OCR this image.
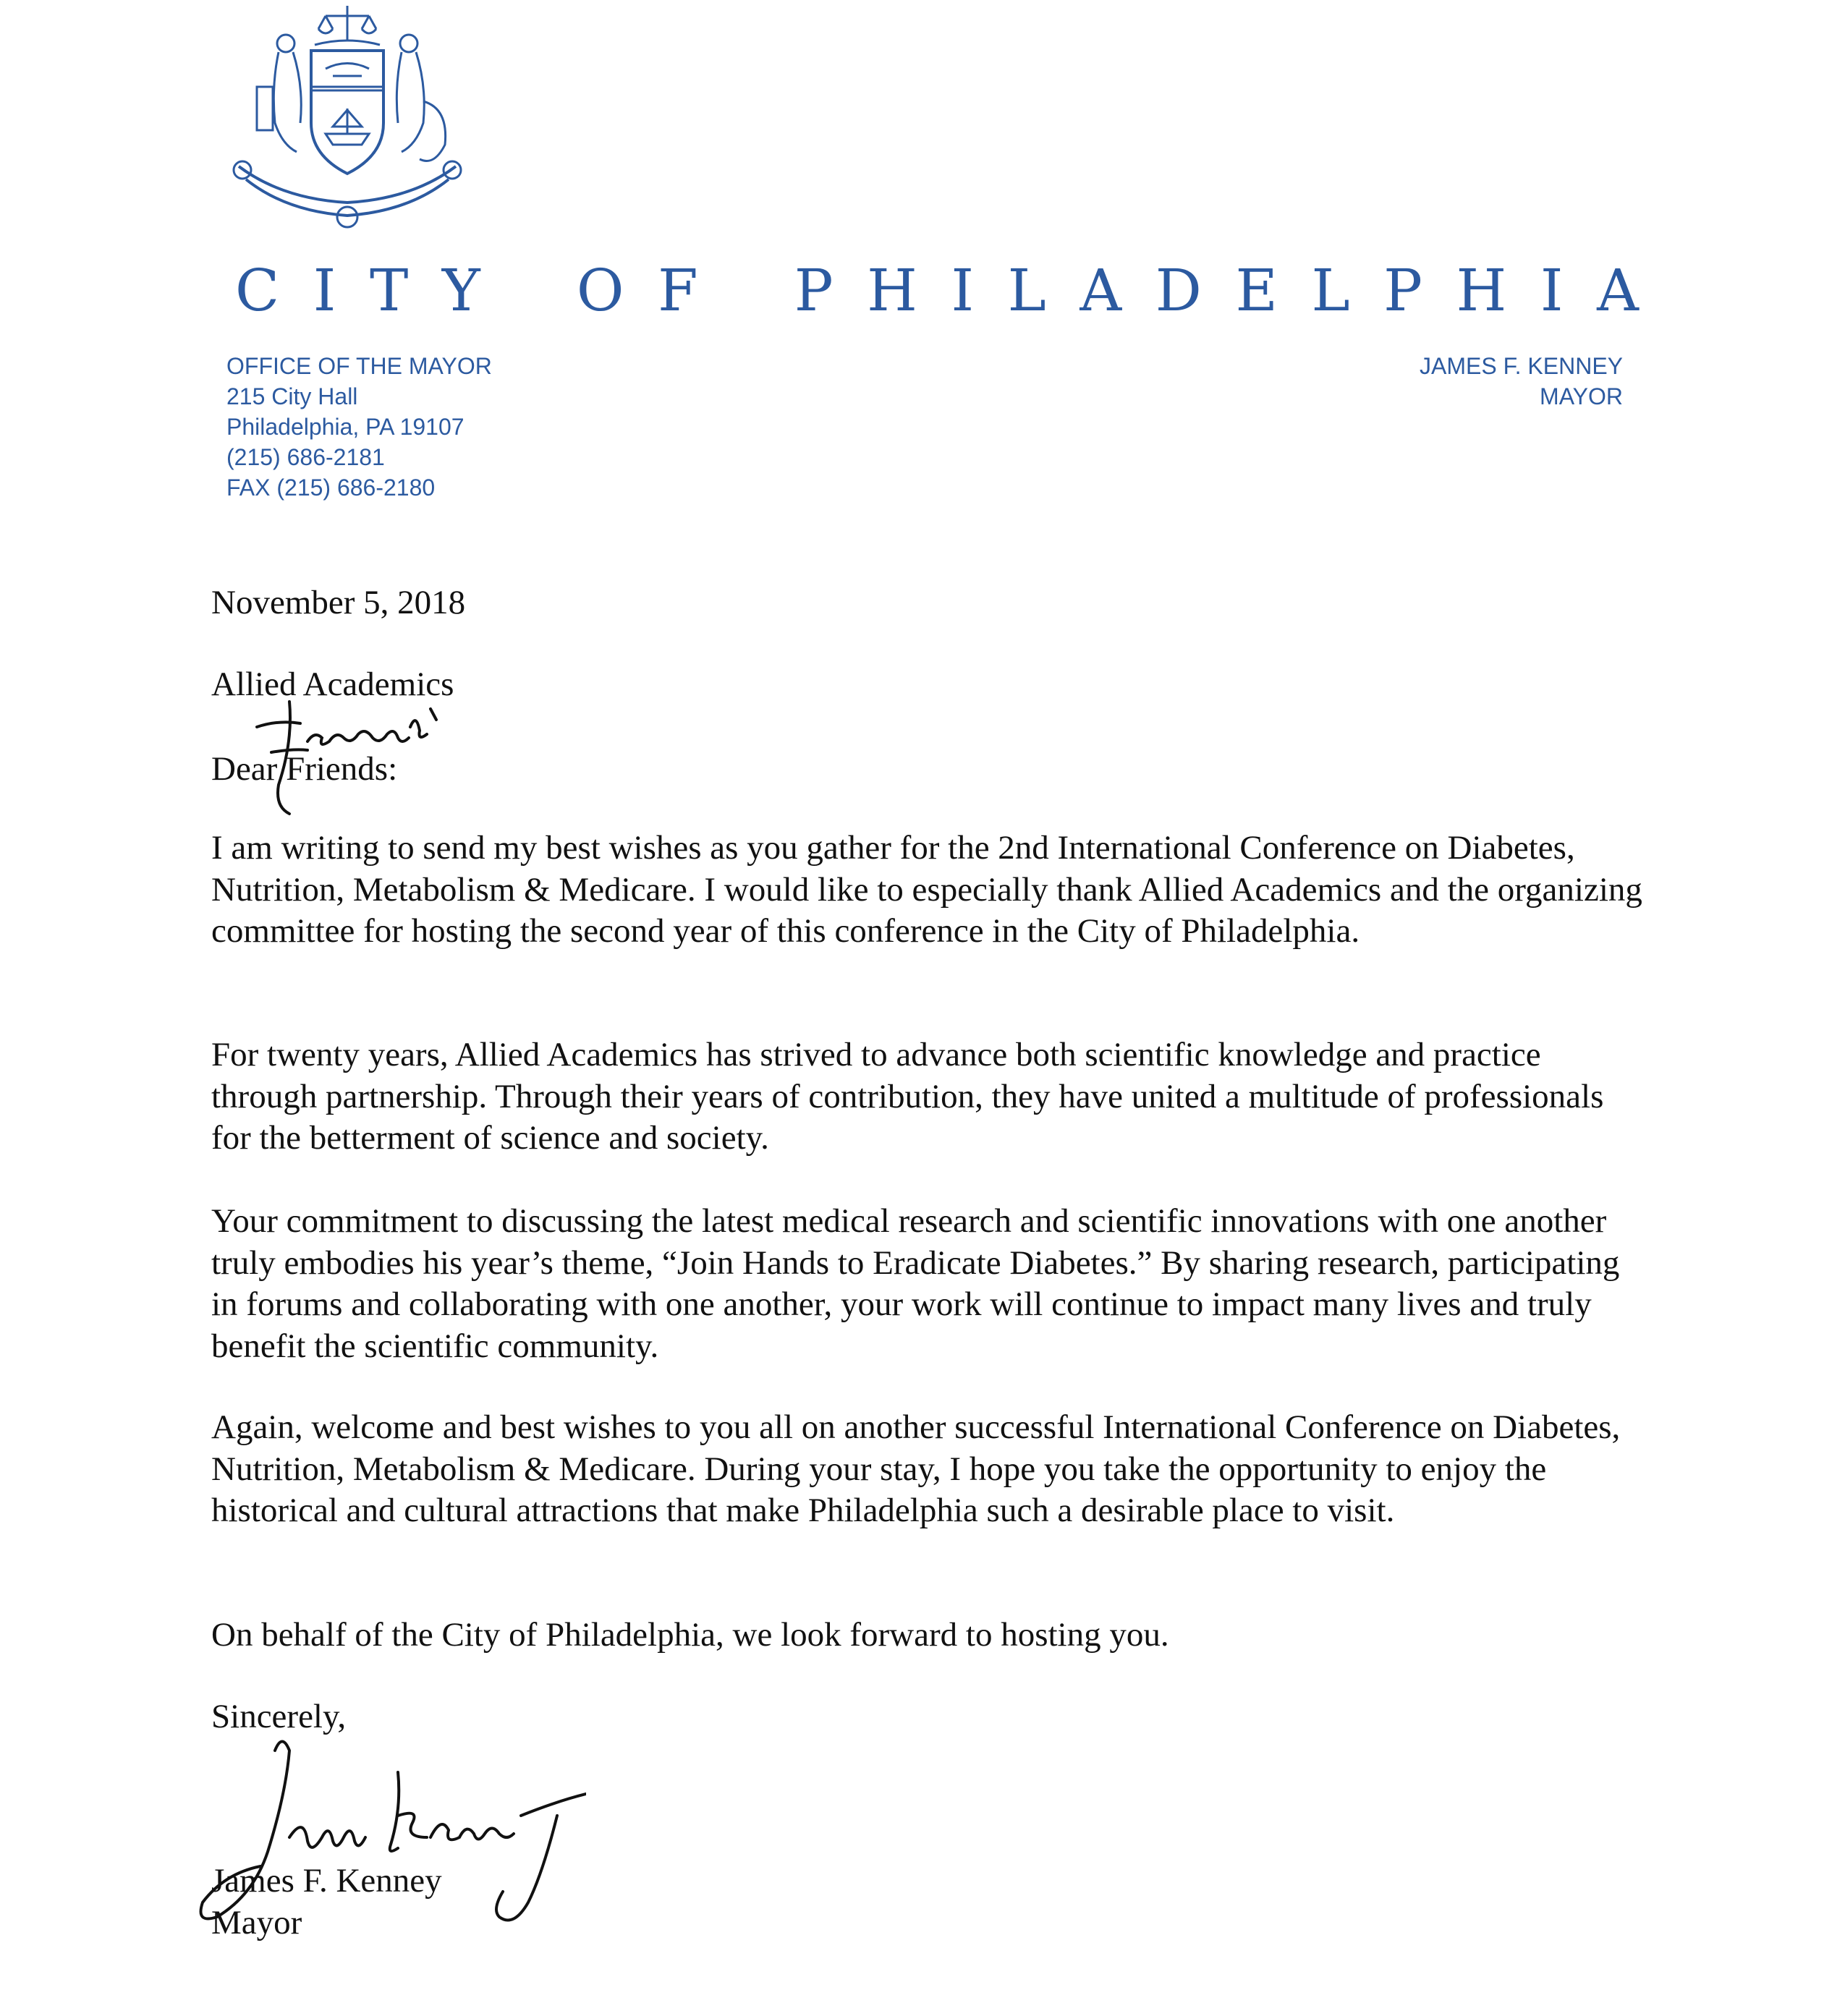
C I T Y O F P H I L A D E L P H I A
OFFICE OF THE MAYOR
215 City Hall
Philadelphia, PA 19107
(215) 686-2181
FAX (215) 686-2180
JAMES F. KENNEY
MAYOR
November 5, 2018
Allied Academics
Dear Friends:
I am writing to send my best wishes as you gather for the 2nd International Conference on Diabetes, Nutrition, Metabolism & Medicare. I would like to especially thank Allied Academics and the organizing committee for hosting the second year of this conference in the City of Philadelphia.
For twenty years, Allied Academics has strived to advance both scientific knowledge and practice through partnership. Through their years of contribution, they have united a multitude of professionals for the betterment of science and society.
Your commitment to discussing the latest medical research and scientific innovations with one another truly embodies his year’s theme, “Join Hands to Eradicate Diabetes.” By sharing research, participating in forums and collaborating with one another, your work will continue to impact many lives and truly benefit the scientific community.
Again, welcome and best wishes to you all on another successful International Conference on Diabetes, Nutrition, Metabolism & Medicare. During your stay, I hope you take the opportunity to enjoy the historical and cultural attractions that make Philadelphia such a desirable place to visit.
On behalf of the City of Philadelphia, we look forward to hosting you.
Sincerely,
James F. Kenney
Mayor
